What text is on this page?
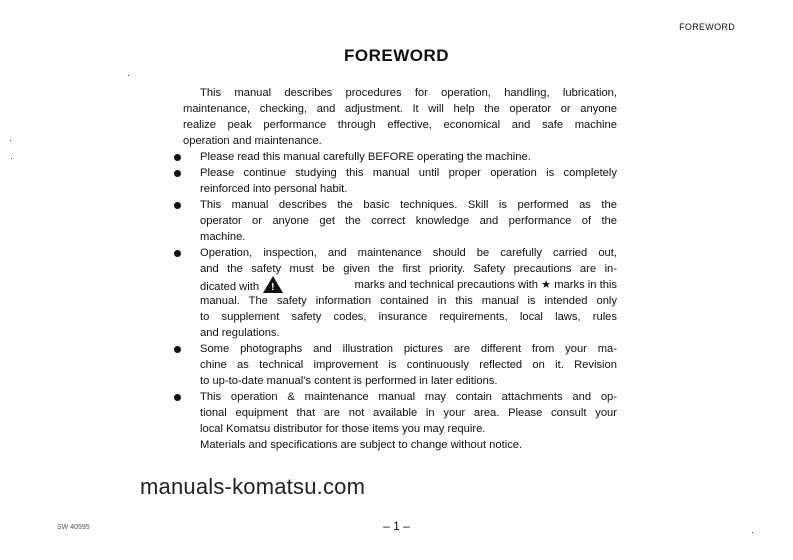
FOREWORD
FOREWORD
This manual describes procedures for operation, handling, lubrication,
maintenance, checking, and adjustment. It will help the operator or anyone
realize peak performance through effective, economical and safe machine
operation and maintenance.
Please read this manual carefully BEFORE operating the machine.
Please continue studying this manual until proper operation is completely
reinforced into personal habit.
This manual describes the basic techniques. Skill is performed as the
operator or anyone get the correct knowledge and performance of the
machine.
Operation, inspection, and maintenance should be carefully carried out,
and the safety must be given the first priority. Safety precautions are in-
dicated with !	marks and technical precautions with ★ marks in this
manual. The safety information contained in this manual is intended only
to supplement safety codes, insurance requirements, local laws, rules
and regulations.
Some photographs and illustration pictures are different from your ma-
chine as technical improvement is continuously reflected on it. Revision
to up-to-date manual's content is performed in later editions.
This operation & maintenance manual may contain attachments and op-
tional equipment that are not available in your area. Please consult your
local Komatsu distributor for those items you may require.
Materials and specifications are subject to change without notice.
manuals-komatsu.com
SW 40595	– 1 –
